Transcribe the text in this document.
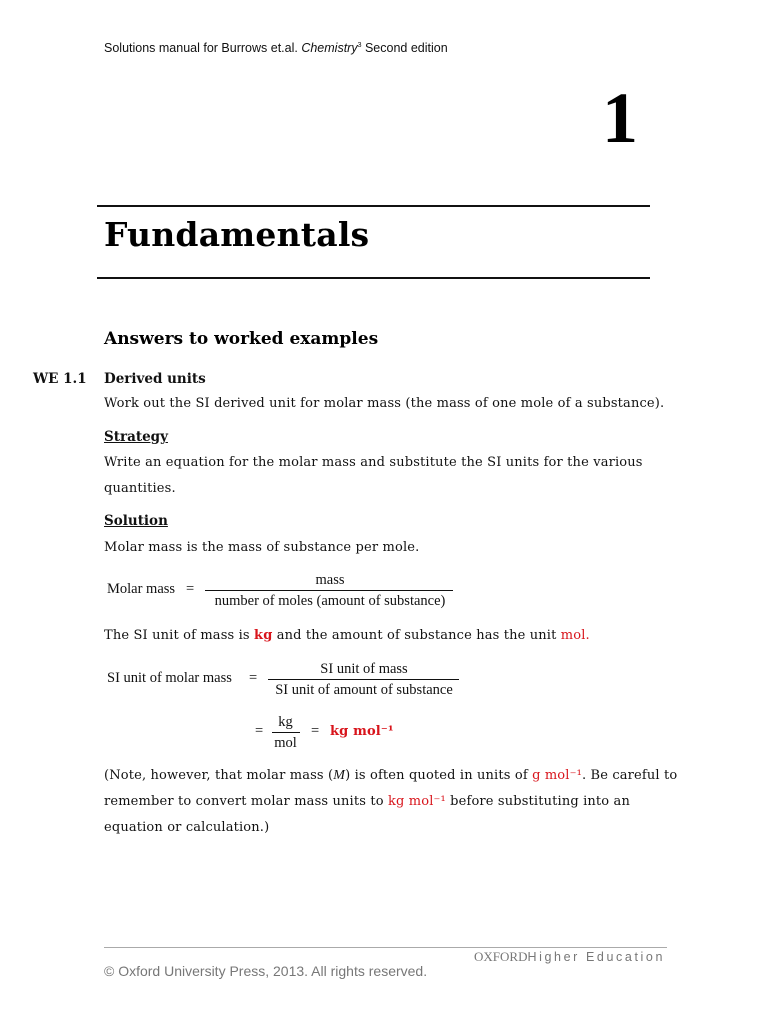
Solutions manual for Burrows et.al. Chemistry$^3$ Second edition
1
Fundamentals
Answers to worked examples
WE 1.1 Derived units
Work out the SI derived unit for molar mass (the mass of one mole of a substance).
Strategy
Write an equation for the molar mass and substitute the SI units for the various
quantities.
Solution
Molar mass is the mass of substance per mole.
Molar mass =
mass
number of moles (amount of substance)
The SI unit of mass is kg and the amount of substance has the unit mol.
SI unit of molar mass =
SI unit of mass
SI unit of amount of substance
=
kg
mol
= kg mol⁻¹
(Note, however, that molar mass (M) is often quoted in units of g mol⁻¹. Be careful to
remember to convert molar mass units to kg mol⁻¹ before substituting into an
equation or calculation.)
OXFORDHigher Education
© Oxford University Press, 2013. All rights reserved.
